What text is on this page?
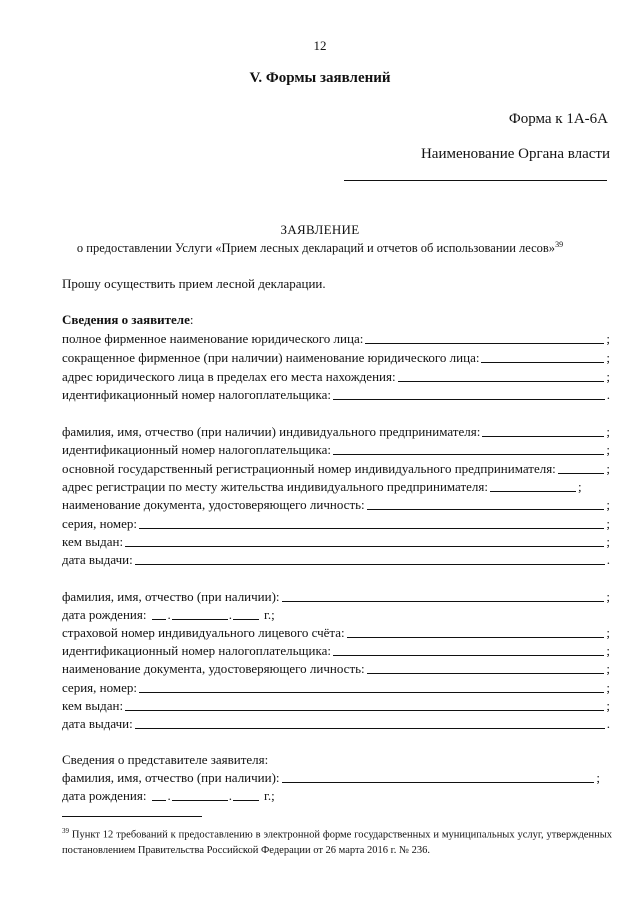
12
V. Формы заявлений
Форма к 1А-6А
Наименование Органа власти
ЗАЯВЛЕНИЕ
о предоставлении Услуги «Прием лесных деклараций и отчетов об использовании лесов»$^{39}$
Прошу осуществить прием лесной декларации.
Сведения о заявителе:
полное фирменное наименование юридического лица:	;
сокращенное фирменное (при наличии) наименование юридического лица:	;
адрес юридического лица в пределах его места нахождения:	;
идентификационный номер налогоплательщика:	.
фамилия, имя, отчество (при наличии) индивидуального предпринимателя:	;
идентификационный номер налогоплательщика:	;
основной государственный регистрационный номер индивидуального предпринимателя:	;
адрес регистрации по месту жительства индивидуального предпринимателя:	;
наименование документа, удостоверяющего личность:	;
серия, номер:	;
кем выдан:	;
дата выдачи:	.
фамилия, имя, отчество (при наличии):	;
дата рождения: .	. г.;
страховой номер индивидуального лицевого счёта:	;
идентификационный номер налогоплательщика:	;
наименование документа, удостоверяющего личность:	;
серия, номер:	;
кем выдан:	;
дата выдачи:	.
Сведения о представителе заявителя:
фамилия, имя, отчество (при наличии):	;
дата рождения: .	. г.;
$^{39}$ Пункт 12 требований к предоставлению в электронной форме государственных и муниципальных услуг, утвержденных постановлением Правительства Российской Федерации от 26 марта 2016 г. № 236.
